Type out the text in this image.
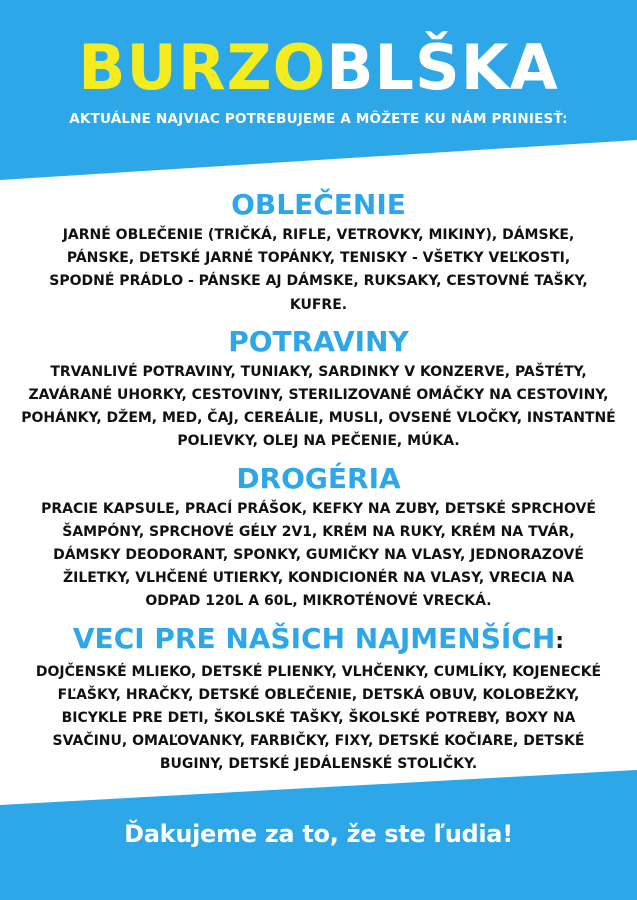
BURZOBLŠKA
AKTUÁLNE NAJVIAC POTREBUJEME A MÔŽETE KU NÁM PRINIESŤ:
OBLEČENIE

JARNÉ OBLEČENIE (TRIČKÁ, RIFLE, VETROVKY, MIKINY), DÁMSKE, PÁNSKE, DETSKÉ JARNÉ TOPÁNKY, TENISKY - VŠETKY VEĽKOSTI, SPODNÉ PRÁDLO - PÁNSKE AJ DÁMSKE, RUKSAKY, CESTOVNÉ TAŠKY, KUFRE.

POTRAVINY

TRVANLIVÉ POTRAVINY, TUNIAKY, SARDINKY V KONZERVE, PAŠTÉTY, ZAVÁRANÉ UHORKY, CESTOVINY, STERILIZOVANÉ OMÁČKY NA CESTOVINY, POHÁNKY, DŽEM, MED, ČAJ, CEREÁLIE, MUSLI, OVSENÉ VLOČKY, INSTANTNÉ POLIEVKY, OLEJ NA PEČENIE, MÚKA.

DROGÉRIA

PRACIE KAPSULE, PRACÍ PRÁŠOK, KEFKY NA ZUBY, DETSKÉ SPRCHOVÉ ŠAMPÓNY, SPRCHOVÉ GÉLY 2V1, KRÉM NA RUKY, KRÉM NA TVÁR, DÁMSKY DEODORANT, SPONKY, GUMIČKY NA VLASY, JEDNORAZOVÉ ŽILETKY, VLHČENÉ UTIERKY, KONDICIONÉR NA VLASY, VRECIA NA ODPAD 120L A 60L, MIKROTÉNOVÉ VRECKÁ.

VECI PRE NAŠICH NAJMENŠÍCH:

DOJČENSKÉ MLIEKO, DETSKÉ PLIENKY, VLHČENKY, CUMLÍKY, KOJENECKÉ FĽAŠKY, HRAČKY, DETSKÉ OBLEČENIE, DETSKÁ OBUV, KOLOBEŽKY, BICYKLE PRE DETI, ŠKOLSKÉ TAŠKY, ŠKOLSKÉ POTREBY, BOXY NA SVAČINU, OMAĽOVANKY, FARBIČKY, FIXY, DETSKÉ KOČIARE, DETSKÉ BUGINY, DETSKÉ JEDÁLENSKÉ STOLIČKY.

Ďakujeme za to, že ste ľudia!
